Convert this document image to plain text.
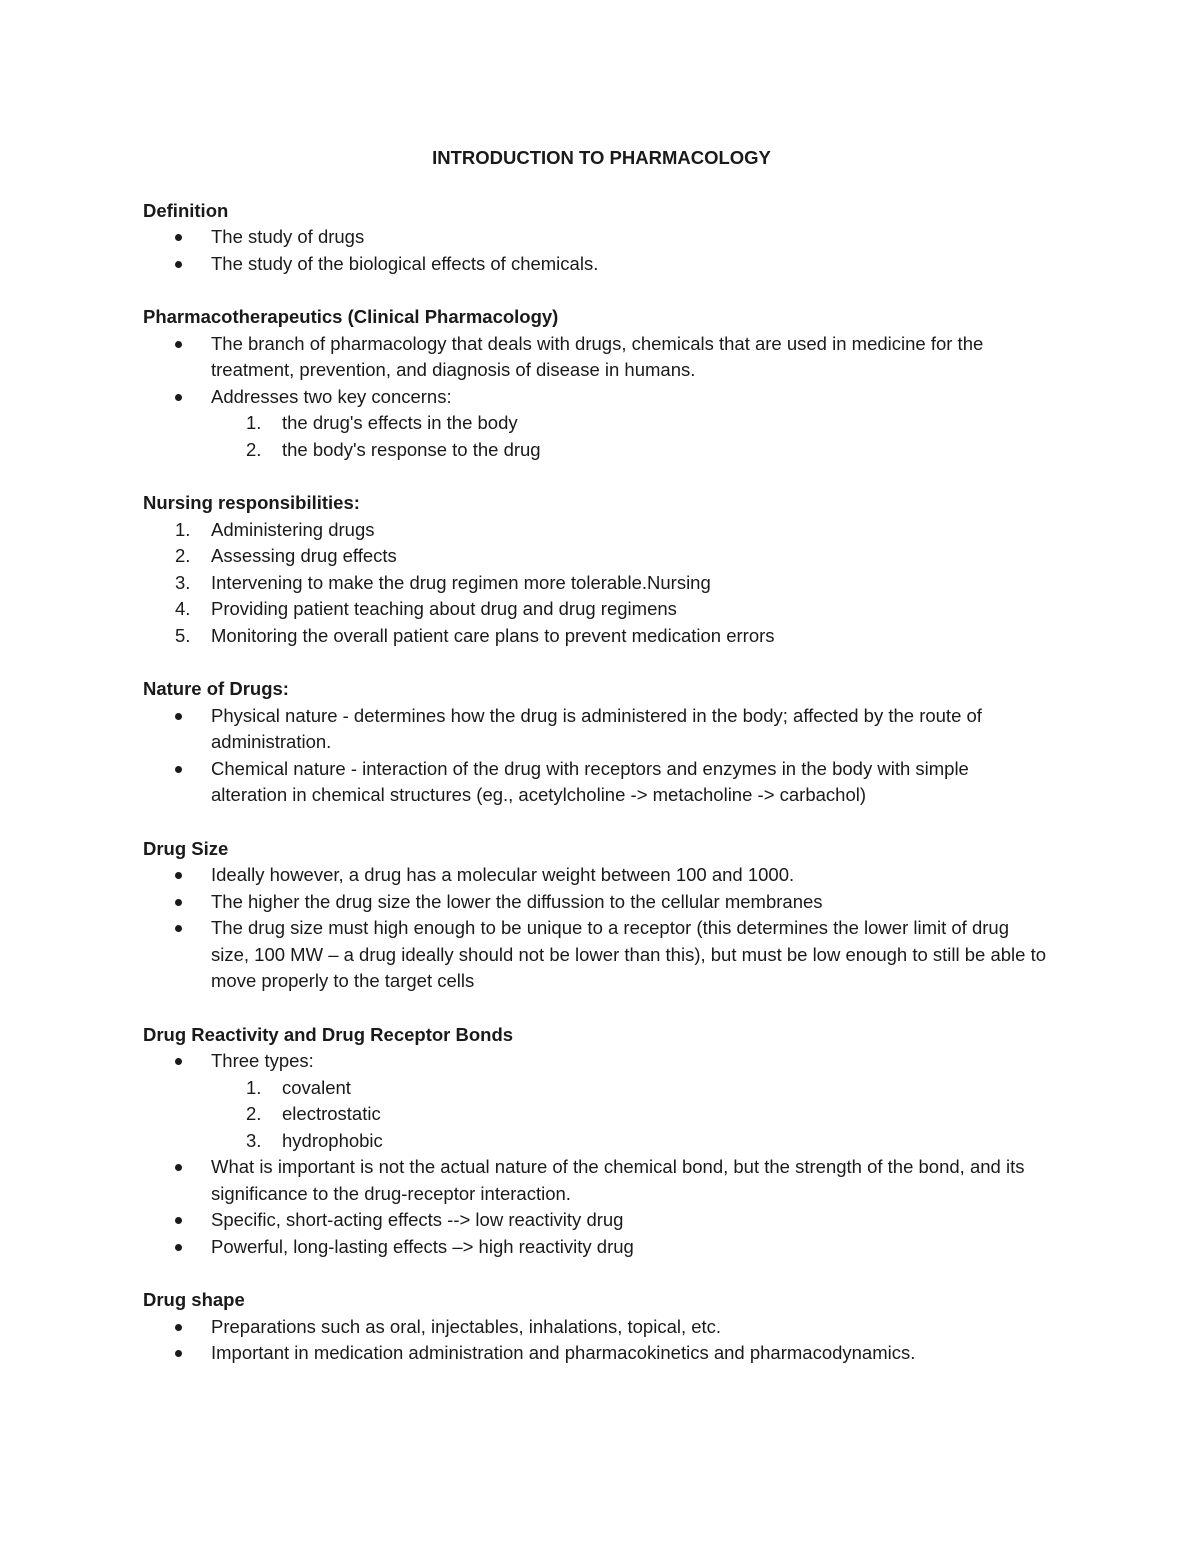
INTRODUCTION TO PHARMACOLOGY
Definition
The study of drugs
The study of the biological effects of chemicals.
Pharmacotherapeutics (Clinical Pharmacology)
The branch of pharmacology that deals with drugs, chemicals that are used in medicine for the treatment, prevention, and diagnosis of disease in humans.
Addresses two key concerns:
1. the drug's effects in the body
2. the body's response to the drug
Nursing responsibilities:
1. Administering drugs
2. Assessing drug effects
3. Intervening to make the drug regimen more tolerable.Nursing
4. Providing patient teaching about drug and drug regimens
5. Monitoring the overall patient care plans to prevent medication errors
Nature of Drugs:
Physical nature - determines how the drug is administered in the body; affected by the route of administration.
Chemical nature - interaction of the drug with receptors and enzymes in the body with simple alteration in chemical structures (eg., acetylcholine -> metacholine -> carbachol)
Drug Size
Ideally however, a drug has a molecular weight between 100 and 1000.
The higher the drug size the lower the diffussion to the cellular membranes
The drug size must high enough to be unique to a receptor (this determines the lower limit of drug size, 100 MW – a drug ideally should not be lower than this), but must be low enough to still be able to move properly to the target cells
Drug Reactivity and Drug Receptor Bonds
Three types:
1. covalent
2. electrostatic
3. hydrophobic
What is important is not the actual nature of the chemical bond, but the strength of the bond, and its significance to the drug-receptor interaction.
Specific, short-acting effects --> low reactivity drug
Powerful, long-lasting effects –> high reactivity drug
Drug shape
Preparations such as oral, injectables, inhalations, topical, etc.
Important in medication administration and pharmacokinetics and pharmacodynamics.
